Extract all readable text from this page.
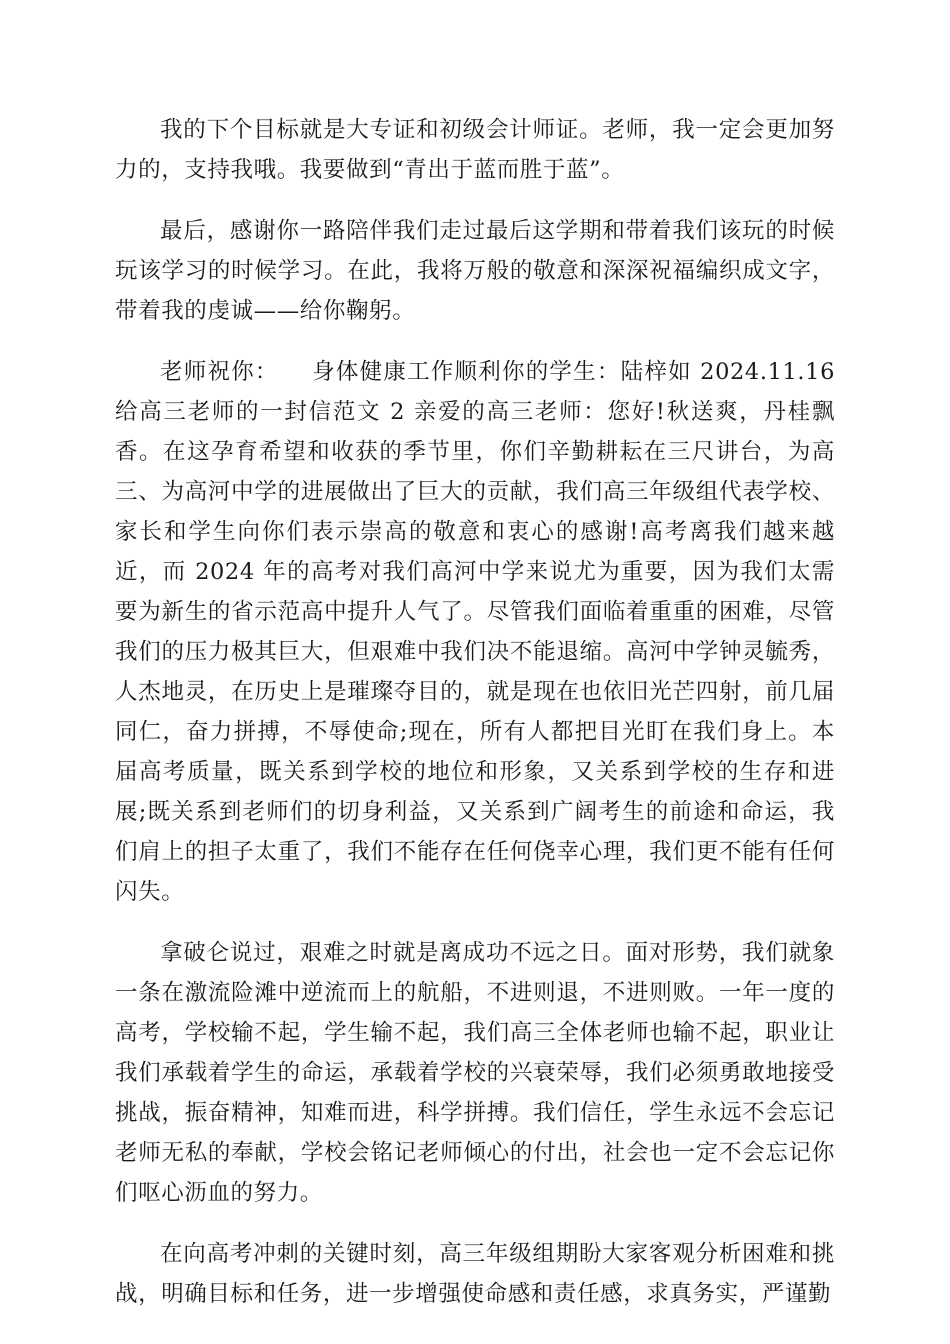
我的下个目标就是大专证和初级会计师证。老师，我一定会更加努力的，支持我哦。我要做到“青出于蓝而胜于蓝”。

最后，感谢你一路陪伴我们走过最后这学期和带着我们该玩的时候玩该学习的时候学习。在此，我将万般的敬意和深深祝福编织成文字，带着我的虔诚——给你鞠躬。

老师祝你：    身体健康工作顺利你的学生：陆梓如 2024.11.16 给高三老师的一封信范文 2 亲爱的高三老师：您好!秋送爽，丹桂飘香。在这孕育希望和收获的季节里，你们辛勤耕耘在三尺讲台，为高三、为高河中学的进展做出了巨大的贡献，我们高三年级组代表学校、家长和学生向你们表示崇高的敬意和衷心的感谢!高考离我们越来越近，而 2024 年的高考对我们高河中学来说尤为重要，因为我们太需要为新生的省示范高中提升人气了。尽管我们面临着重重的困难，尽管我们的压力极其巨大，但艰难中我们决不能退缩。高河中学钟灵毓秀，人杰地灵，在历史上是璀璨夺目的，就是现在也依旧光芒四射，前几届同仁，奋力拼搏，不辱使命;现在，所有人都把目光盯在我们身上。本届高考质量，既关系到学校的地位和形象，又关系到学校的生存和进展;既关系到老师们的切身利益，又关系到广阔考生的前途和命运，我们肩上的担子太重了，我们不能存在任何侥幸心理，我们更不能有任何闪失。

拿破仑说过，艰难之时就是离成功不远之日。面对形势，我们就象一条在激流险滩中逆流而上的航船，不进则退，不进则败。一年一度的高考，学校输不起，学生输不起，我们高三全体老师也输不起，职业让我们承载着学生的命运，承载着学校的兴衰荣辱，我们必须勇敢地接受挑战，振奋精神，知难而进，科学拼搏。我们信任，学生永远不会忘记老师无私的奉献，学校会铭记老师倾心的付出，社会也一定不会忘记你们呕心沥血的努力。

在向高考冲刺的关键时刻，高三年级组期盼大家客观分析困难和挑战，明确目标和任务，进一步增强使命感和责任感，求真务实，严谨勤
